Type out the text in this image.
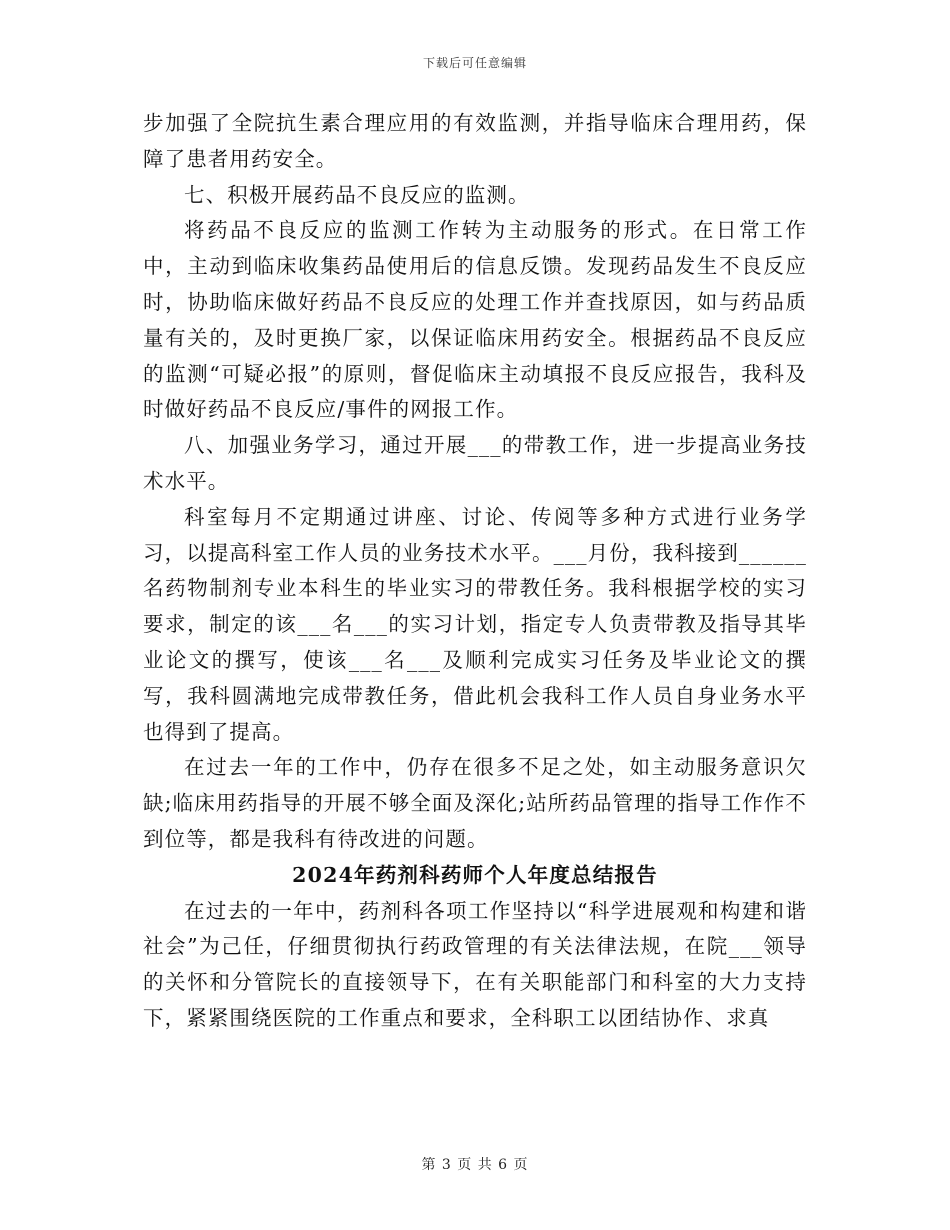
下载后可任意编辑

步加强了全院抗生素合理应用的有效监测，并指导临床合理用药，保障了患者用药安全。

七、积极开展药品不良反应的监测。

将药品不良反应的监测工作转为主动服务的形式。在日常工作中，主动到临床收集药品使用后的信息反馈。发现药品发生不良反应时，协助临床做好药品不良反应的处理工作并查找原因，如与药品质量有关的，及时更换厂家，以保证临床用药安全。根据药品不良反应的监测“可疑必报”的原则，督促临床主动填报不良反应报告，我科及时做好药品不良反应/事件的网报工作。

八、加强业务学习，通过开展___的带教工作，进一步提高业务技术水平。

科室每月不定期通过讲座、讨论、传阅等多种方式进行业务学习，以提高科室工作人员的业务技术水平。___月份，我科接到______名药物制剂专业本科生的毕业实习的带教任务。我科根据学校的实习要求，制定的该___名___的实习计划，指定专人负责带教及指导其毕业论文的撰写，使该___名___及顺利完成实习任务及毕业论文的撰写，我科圆满地完成带教任务，借此机会我科工作人员自身业务水平也得到了提高。

在过去一年的工作中，仍存在很多不足之处，如主动服务意识欠缺;临床用药指导的开展不够全面及深化;站所药品管理的指导工作作不到位等，都是我科有待改进的问题。

2024年药剂科药师个人年度总结报告

在过去的一年中，药剂科各项工作坚持以“科学进展观和构建和谐社会”为己任，仔细贯彻执行药政管理的有关法律法规，在院___领导的关怀和分管院长的直接领导下，在有关职能部门和科室的大力支持下，紧紧围绕医院的工作重点和要求，全科职工以团结协作、求真

第 3 页 共 6 页
